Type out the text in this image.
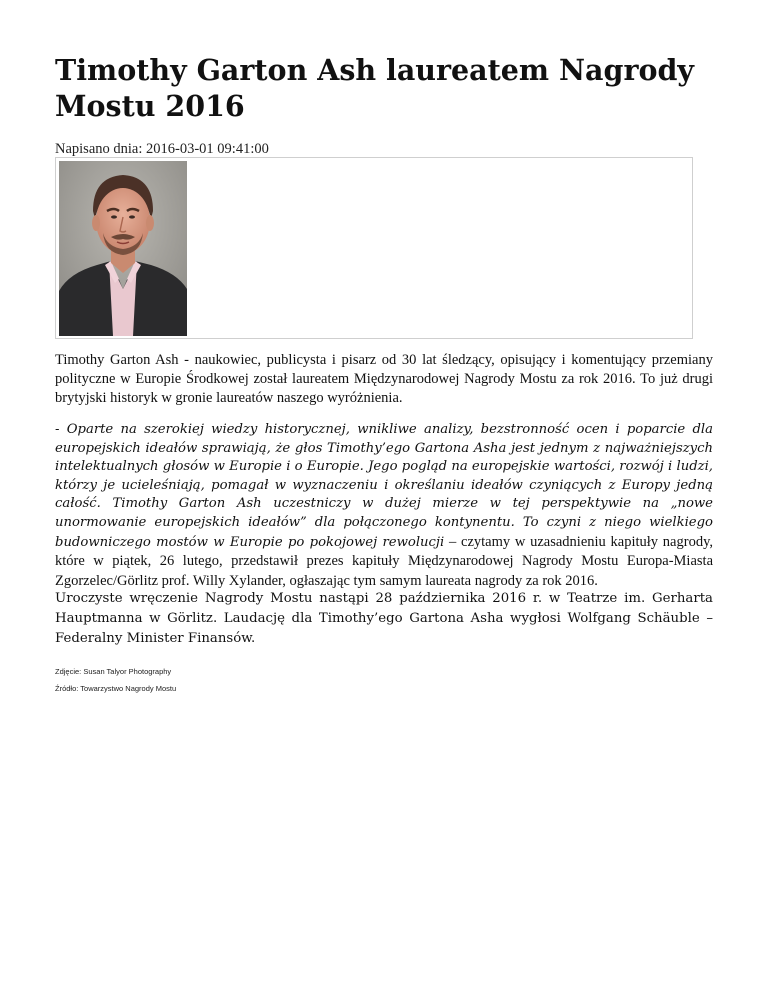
Timothy Garton Ash laureatem Nagrody Mostu 2016

Napisano dnia: 2016-03-01 09:41:00

Timothy Garton Ash - naukowiec, publicysta i pisarz od 30 lat śledzący, opisujący i komentujący przemiany polityczne w Europie Środkowej został laureatem Międzynarodowej Nagrody Mostu za rok 2016. To już drugi brytyjski historyk w gronie laureatów naszego wyróżnienia.

- Oparte na szerokiej wiedzy historycznej, wnikliwe analizy, bezstronność ocen i poparcie dla europejskich ideałów sprawiają, że głos Timothy’ego Gartona Asha jest jednym z najważniejszych intelektualnych głosów w Europie i o Europie. Jego pogląd na europejskie wartości, rozwój i ludzi, którzy je ucieleśniają, pomagał w wyznaczeniu i określaniu ideałów czyniących z Europy jedną całość. Timothy Garton Ash uczestniczy w dużej mierze w tej perspektywie na „nowe unormowanie europejskich ideałów” dla połączonego kontynentu. To czyni z niego wielkiego budowniczego mostów w Europie po pokojowej rewolucji – czytamy w uzasadnieniu kapituły nagrody, które w piątek, 26 lutego, przedstawił prezes kapituły Międzynarodowej Nagrody Mostu Europa-Miasta Zgorzelec/Görlitz prof. Willy Xylander, ogłaszając tym samym laureata nagrody za rok 2016.

Uroczyste wręczenie Nagrody Mostu nastąpi 28 października 2016 r. w Teatrze im. Gerharta Hauptmanna w Görlitz. Laudację dla Timothy’ego Gartona Asha wygłosi Wolfgang Schäuble – Federalny Minister Finansów.

Zdjęcie: Susan Talyor Photography

Źródło: Towarzystwo Nagrody Mostu
